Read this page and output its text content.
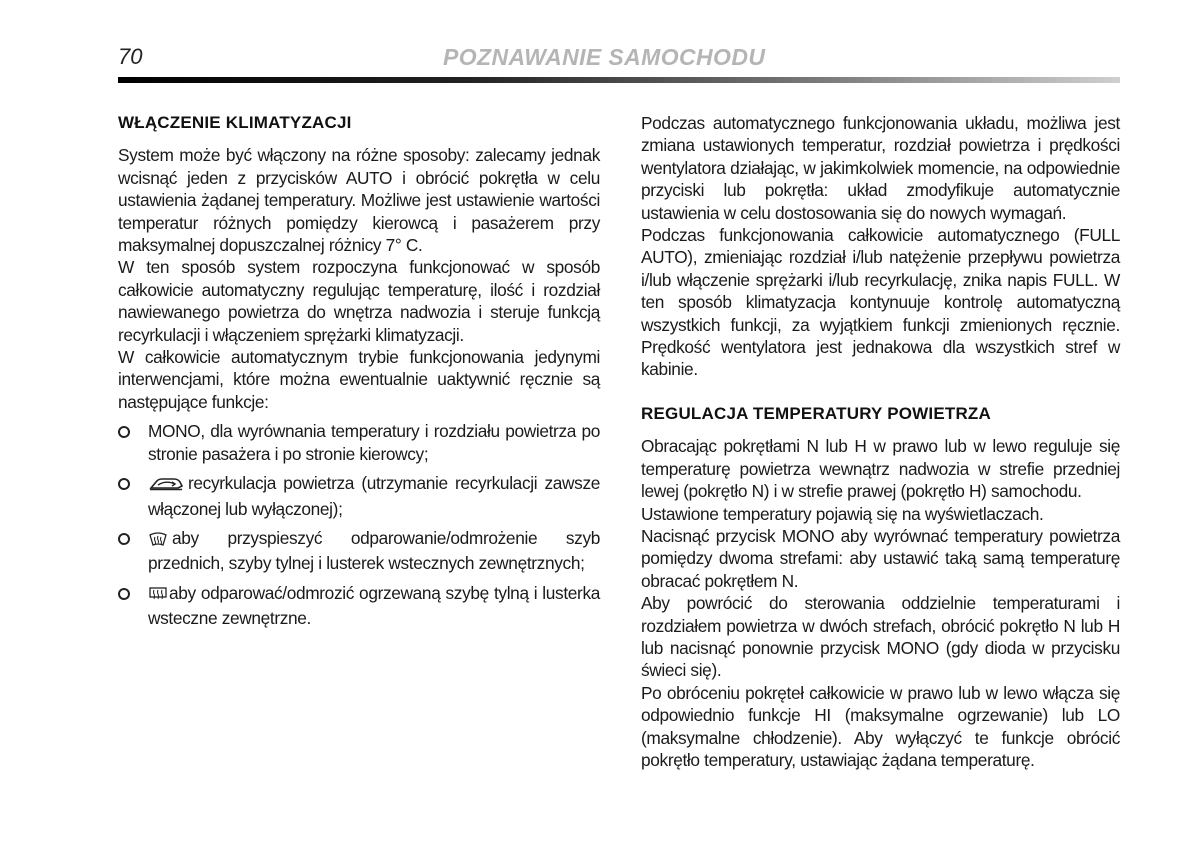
70	POZNAWANIE SAMOCHODU
WŁĄCZENIE KLIMATYZACJI

System może być włączony na różne sposoby: zalecamy jednak wcisnąć jeden z przycisków AUTO i obrócić pokrętła w celu ustawienia żądanej temperatury. Możliwe jest ustawienie wartości temperatur różnych pomiędzy kierowcą i pasażerem przy maksymalnej dopuszczalnej różnicy 7° C.

W ten sposób system rozpoczyna funkcjonować w sposób całkowicie automatyczny regulując temperaturę, ilość i rozdział nawiewanego powietrza do wnętrza nadwozia i steruje funkcją recyrkulacji i włączeniem sprężarki klimatyzacji.

W całkowicie automatycznym trybie funkcjonowania jedynymi interwencjami, które można ewentualnie uaktywnić ręcznie są następujące funkcje:

MONO, dla wyrównania temperatury i rozdziału powietrza po stronie pasażera i po stronie kierowcy;
recyrkulacja powietrza (utrzymanie recyrkulacji zawsze włączonej lub wyłączonej);
aby przyspieszyć odparowanie/odmrożenie szyb przednich, szyby tylnej i lusterek wstecznych zewnętrznych;
aby odparować/odmrozić ogrzewaną szybę tylną i lusterka wsteczne zewnętrzne.

Podczas automatycznego funkcjonowania układu, możliwa jest zmiana ustawionych temperatur, rozdział powietrza i prędkości wentylatora działając, w jakimkolwiek momencie, na odpowiednie przyciski lub pokrętła: układ zmodyfikuje automatycznie ustawienia w celu dostosowania się do nowych wymagań.

Podczas funkcjonowania całkowicie automatycznego (FULL AUTO), zmieniając rozdział i/lub natężenie przepływu powietrza i/lub włączenie sprężarki i/lub recyrkulację, znika napis FULL. W ten sposób klimatyzacja kontynuuje kontrolę automatyczną wszystkich funkcji, za wyjątkiem funkcji zmienionych ręcznie. Prędkość wentylatora jest jednakowa dla wszystkich stref w kabinie.

REGULACJA TEMPERATURY POWIETRZA

Obracając pokrętłami N lub H w prawo lub w lewo reguluje się temperaturę powietrza wewnątrz nadwozia w strefie przedniej lewej (pokrętło N) i w strefie prawej (pokrętło H) samochodu.

Ustawione temperatury pojawią się na wyświetlaczach.

Nacisnąć przycisk MONO aby wyrównać temperatury powietrza pomiędzy dwoma strefami: aby ustawić taką samą temperaturę obracać pokrętłem N.

Aby powrócić do sterowania oddzielnie temperaturami i rozdziałem powietrza w dwóch strefach, obrócić pokrętło N lub H lub nacisnąć ponownie przycisk MONO (gdy dioda w przycisku świeci się).

Po obróceniu pokręteł całkowicie w prawo lub w lewo włącza się odpowiednio funkcje HI (maksymalne ogrzewanie) lub LO (maksymalne chłodzenie). Aby wyłączyć te funkcje obrócić pokrętło temperatury, ustawiając żądana temperaturę.
